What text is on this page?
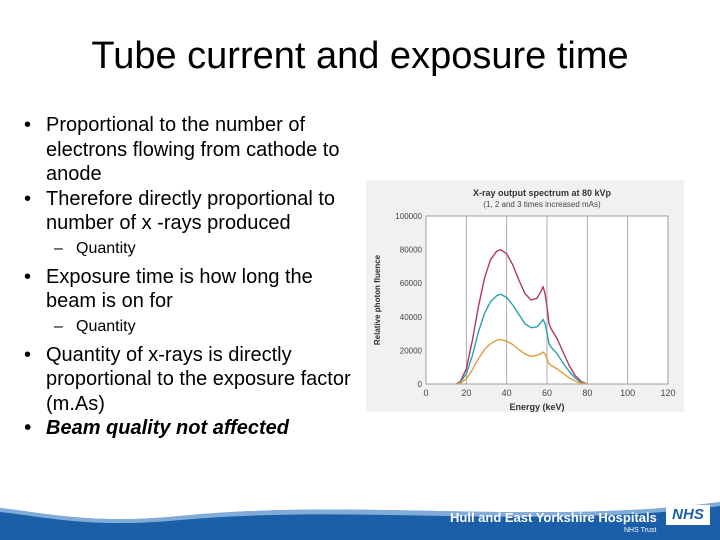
Tube current and exposure time
• Proportional to the number of electrons flowing from cathode to anode
• Therefore directly proportional to number of x -rays produced
– Quantity
• Exposure time is how long the beam is on for
– Quantity
• Quantity of x-rays is directly proportional to the exposure factor (m.As)
• Beam quality not affected
0	20	40	60	80	100	120
0
20000
40000
60000
80000
100000
X-ray output spectrum at 80 kVp
(1, 2 and 3 times increased mAs)
Energy (keV)
Relative photon fluence
Hull and East Yorkshire Hospitals
NHS Trust
NHS
